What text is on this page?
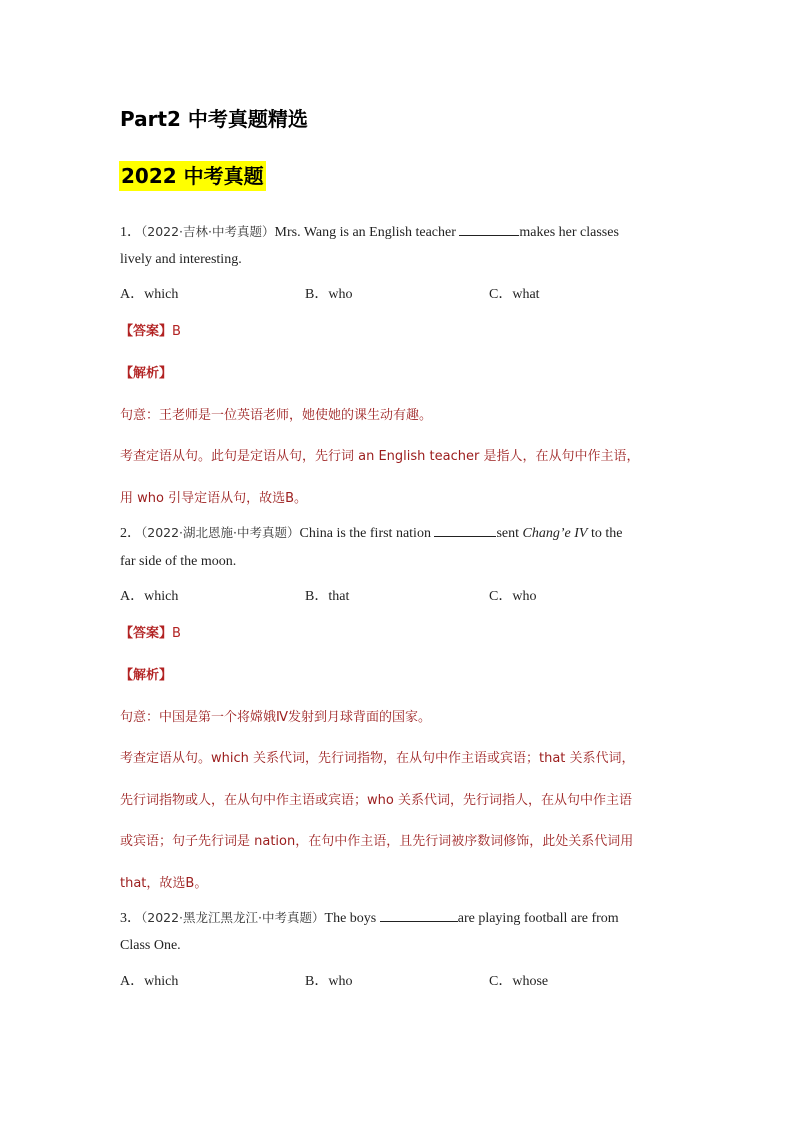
Part2 中考真题精选
2022 中考真题
1．（2022·吉林·中考真题）Mrs. Wang is an English teacher	makes her classes
lively and interesting.
A．which	B．who	C．what
【答案】B
【解析】
句意：王老师是一位英语老师，她使她的课生动有趣。
考查定语从句。此句是定语从句，先行词 an English teacher 是指人，在从句中作主语，
用 who 引导定语从句，故选B。
2．（2022·湖北恩施·中考真题）China is the first nation	sent Chang’e IV to the
far side of the moon.
A．which	B．that	C．who
【答案】B
【解析】
句意：中国是第一个将嫦娥Ⅳ发射到月球背面的国家。
考查定语从句。which 关系代词，先行词指物，在从句中作主语或宾语；that 关系代词，
先行词指物或人，在从句中作主语或宾语；who 关系代词，先行词指人，在从句中作主语
或宾语；句子先行词是 nation，在句中作主语，且先行词被序数词修饰，此处关系代词用
that，故选B。
3．（2022·黑龙江黑龙江·中考真题）The boys	are playing football are from
Class One.
A．which	B．who	C．whose
